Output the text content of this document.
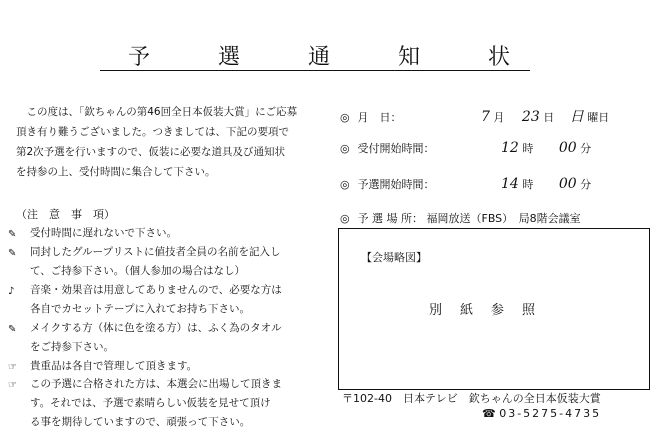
予	選	通	知	状
この度は、「欽ちゃんの第46回全日本仮装大賞」にご応募
頂き有り難うございました。つきましては、下記の要項で
第2次予選を行いますので、仮装に必要な道具及び通知状
を持参の上、受付時間に集合して下さい。
◎ 月　日：	7 月 23 日 日 曜日
◎ 受付開始時間：	12 時 00 分
◎ 予選開始時間：	14 時 00 分
◎ 予 選 場 所： 福岡放送（FBS）　局8階会議室
（注　意　事　項）
✎	受付時間に遅れないで下さい。
✎	同封したグループリストに値技者全員の名前を記入し
て、ご持参下さい。（個人参加の場合はなし）
♪	音楽・効果音は用意してありませんので、必要な方は
各自でカセットテープに入れてお持ち下さい。
✎	メイクする方（体に色を塗る方）は、ふく為のタオル
をご持参下さい。
☞	貴重品は各自で管理して頂きます。
☞	この予選に合格された方は、本選会に出場して頂きま
す。それでは、予選で素晴らしい仮装を見せて頂け
る事を期待していますので、頑張って下さい。
【会場略図】
別紙参照
〒102-40　日本テレビ　欽ちゃんの全日本仮装大賞
☎ 03-5275-4735
